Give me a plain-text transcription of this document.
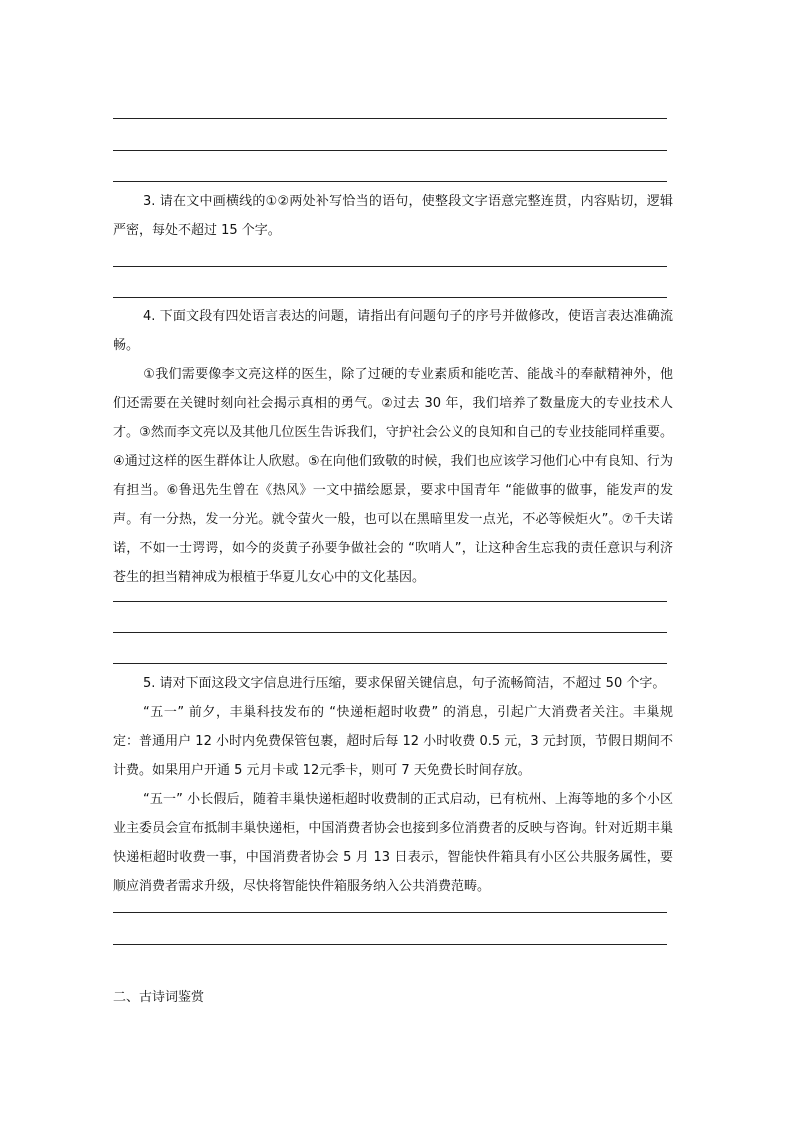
3. 请在文中画横线的①②两处补写恰当的语句，使整段文字语意完整连贯，内容贴切，逻辑严密，每处不超过 15 个字。

4. 下面文段有四处语言表达的问题，请指出有问题句子的序号并做修改，使语言表达准确流畅。

①我们需要像李文亮这样的医生，除了过硬的专业素质和能吃苦、能战斗的奉献精神外，他们还需要在关键时刻向社会揭示真相的勇气。②过去 30 年，我们培养了数量庞大的专业技术人才。③然而李文亮以及其他几位医生告诉我们，守护社会公义的良知和自己的专业技能同样重要。④通过这样的医生群体让人欣慰。⑤在向他们致敬的时候，我们也应该学习他们心中有良知、行为有担当。⑥鲁迅先生曾在《热风》一文中描绘愿景，要求中国青年 “能做事的做事，能发声的发声。有一分热，发一分光。就令萤火一般，也可以在黑暗里发一点光，不必等候炬火”。⑦千夫诺诺，不如一士谔谔，如今的炎黄子孙要争做社会的 “吹哨人”，让这种舍生忘我的责任意识与利济苍生的担当精神成为根植于华夏儿女心中的文化基因。

5. 请对下面这段文字信息进行压缩，要求保留关键信息，句子流畅简洁，不超过 50 个字。

“五一” 前夕，丰巢科技发布的 “快递柜超时收费” 的消息，引起广大消费者关注。丰巢规定：普通用户 12 小时内免费保管包裹，超时后每 12 小时收费 0.5 元，3 元封顶，节假日期间不计费。如果用户开通 5 元月卡或 12元季卡，则可 7 天免费长时间存放。

“五一” 小长假后，随着丰巢快递柜超时收费制的正式启动，已有杭州、上海等地的多个小区业主委员会宣布抵制丰巢快递柜，中国消费者协会也接到多位消费者的反映与咨询。针对近期丰巢快递柜超时收费一事，中国消费者协会 5 月 13 日表示，智能快件箱具有小区公共服务属性，要顺应消费者需求升级，尽快将智能快件箱服务纳入公共消费范畴。

二、古诗词鉴赏
